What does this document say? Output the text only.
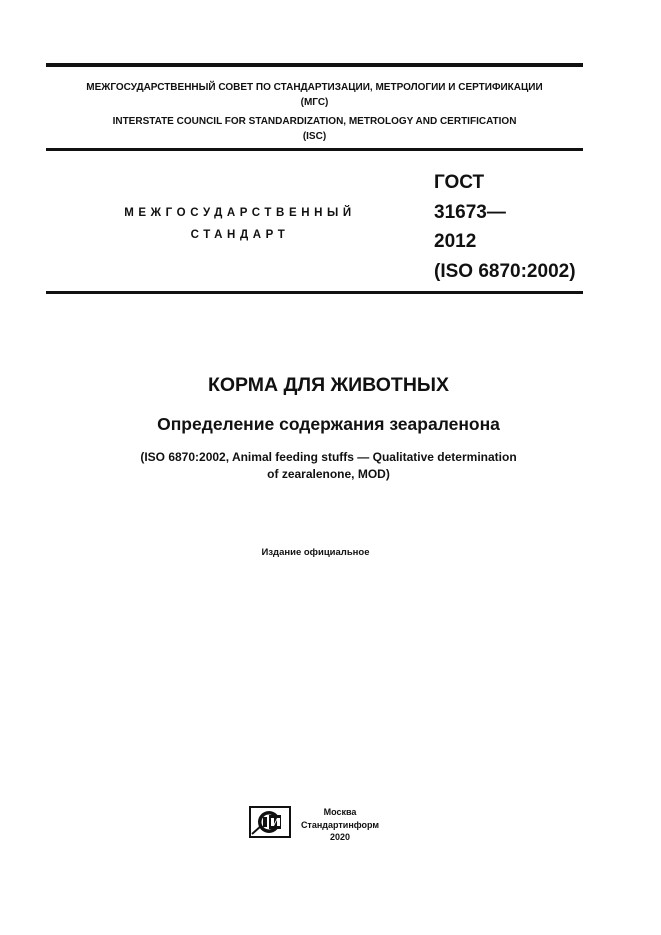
МЕЖГОСУДАРСТВЕННЫЙ СОВЕТ ПО СТАНДАРТИЗАЦИИ, МЕТРОЛОГИИ И СЕРТИФИКАЦИИ
(МГС)
INTERSTATE COUNCIL FOR STANDARDIZATION, METROLOGY AND CERTIFICATION
(ISC)
МЕЖГОСУДАРСТВЕННЫЙ
СТАНДАРТ
ГОСТ
31673—
2012
(ISO 6870:2002)
КОРМА ДЛЯ ЖИВОТНЫХ
Определение содержания зеараленона
(ISO 6870:2002, Animal feeding stuffs — Qualitative determination
of zearalenone, MOD)
Издание официальное
Москва
Стандартинформ
2020
